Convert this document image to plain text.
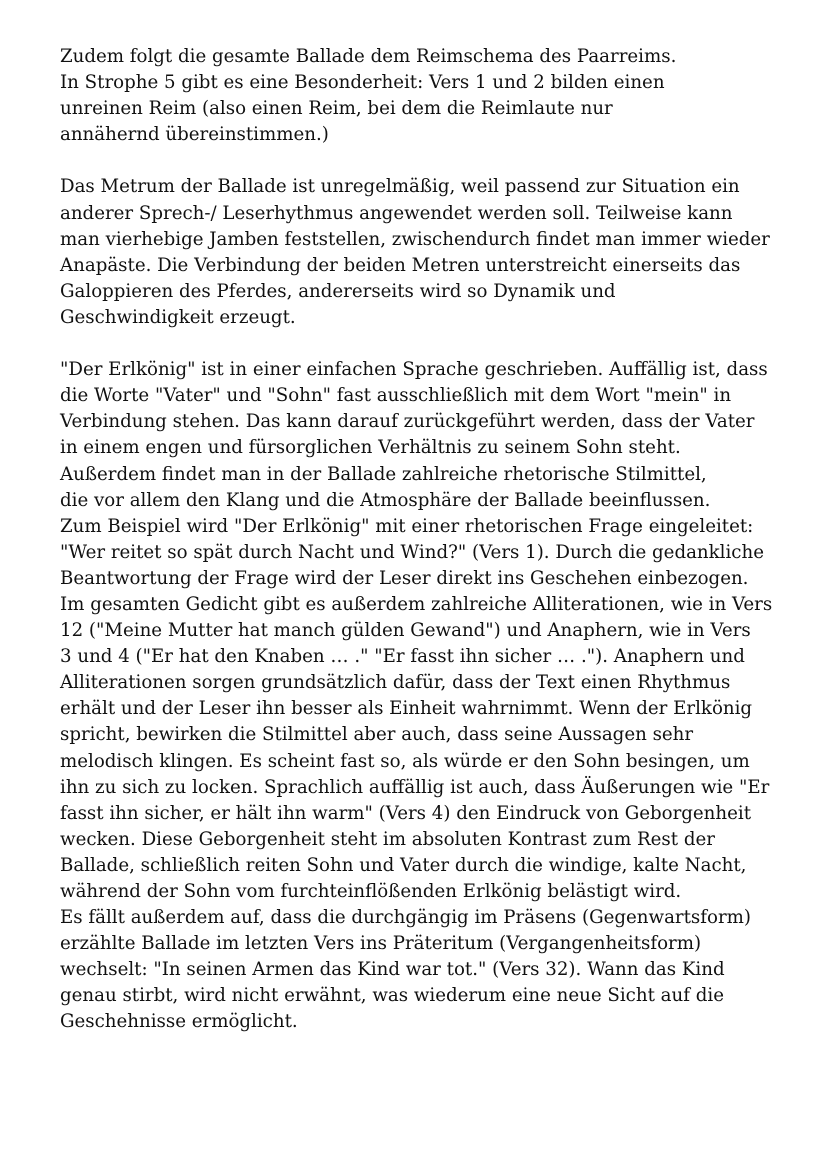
Zudem folgt die gesamte Ballade dem Reimschema des Paarreims.
In Strophe 5 gibt es eine Besonderheit: Vers 1 und 2 bilden einen
unreinen Reim (also einen Reim, bei dem die Reimlaute nur
annähernd übereinstimmen.)

Das Metrum der Ballade ist unregelmäßig, weil passend zur Situation ein
anderer Sprech-/ Leserhythmus angewendet werden soll. Teilweise kann
man vierhebige Jamben feststellen, zwischendurch findet man immer wieder
Anapäste. Die Verbindung der beiden Metren unterstreicht einerseits das
Galoppieren des Pferdes, andererseits wird so Dynamik und
Geschwindigkeit erzeugt.

"Der Erlkönig" ist in einer einfachen Sprache geschrieben. Auffällig ist, dass
die Worte "Vater" und "Sohn" fast ausschließlich mit dem Wort "mein" in
Verbindung stehen. Das kann darauf zurückgeführt werden, dass der Vater
in einem engen und fürsorglichen Verhältnis zu seinem Sohn steht.
Außerdem findet man in der Ballade zahlreiche rhetorische Stilmittel,
die vor allem den Klang und die Atmosphäre der Ballade beeinflussen.
Zum Beispiel wird "Der Erlkönig" mit einer rhetorischen Frage eingeleitet:
"Wer reitet so spät durch Nacht und Wind?" (Vers 1). Durch die gedankliche
Beantwortung der Frage wird der Leser direkt ins Geschehen einbezogen.
Im gesamten Gedicht gibt es außerdem zahlreiche Alliterationen, wie in Vers
12 ("Meine Mutter hat manch gülden Gewand") und Anaphern, wie in Vers
3 und 4 ("Er hat den Knaben … ." "Er fasst ihn sicher … ."). Anaphern und
Alliterationen sorgen grundsätzlich dafür, dass der Text einen Rhythmus
erhält und der Leser ihn besser als Einheit wahrnimmt. Wenn der Erlkönig
spricht, bewirken die Stilmittel aber auch, dass seine Aussagen sehr
melodisch klingen. Es scheint fast so, als würde er den Sohn besingen, um
ihn zu sich zu locken. Sprachlich auffällig ist auch, dass Äußerungen wie "Er
fasst ihn sicher, er hält ihn warm" (Vers 4) den Eindruck von Geborgenheit
wecken. Diese Geborgenheit steht im absoluten Kontrast zum Rest der
Ballade, schließlich reiten Sohn und Vater durch die windige, kalte Nacht,
während der Sohn vom furchteinflößenden Erlkönig belästigt wird.
Es fällt außerdem auf, dass die durchgängig im Präsens (Gegenwartsform)
erzählte Ballade im letzten Vers ins Präteritum (Vergangenheitsform)
wechselt: "In seinen Armen das Kind war tot." (Vers 32). Wann das Kind
genau stirbt, wird nicht erwähnt, was wiederum eine neue Sicht auf die
Geschehnisse ermöglicht.
